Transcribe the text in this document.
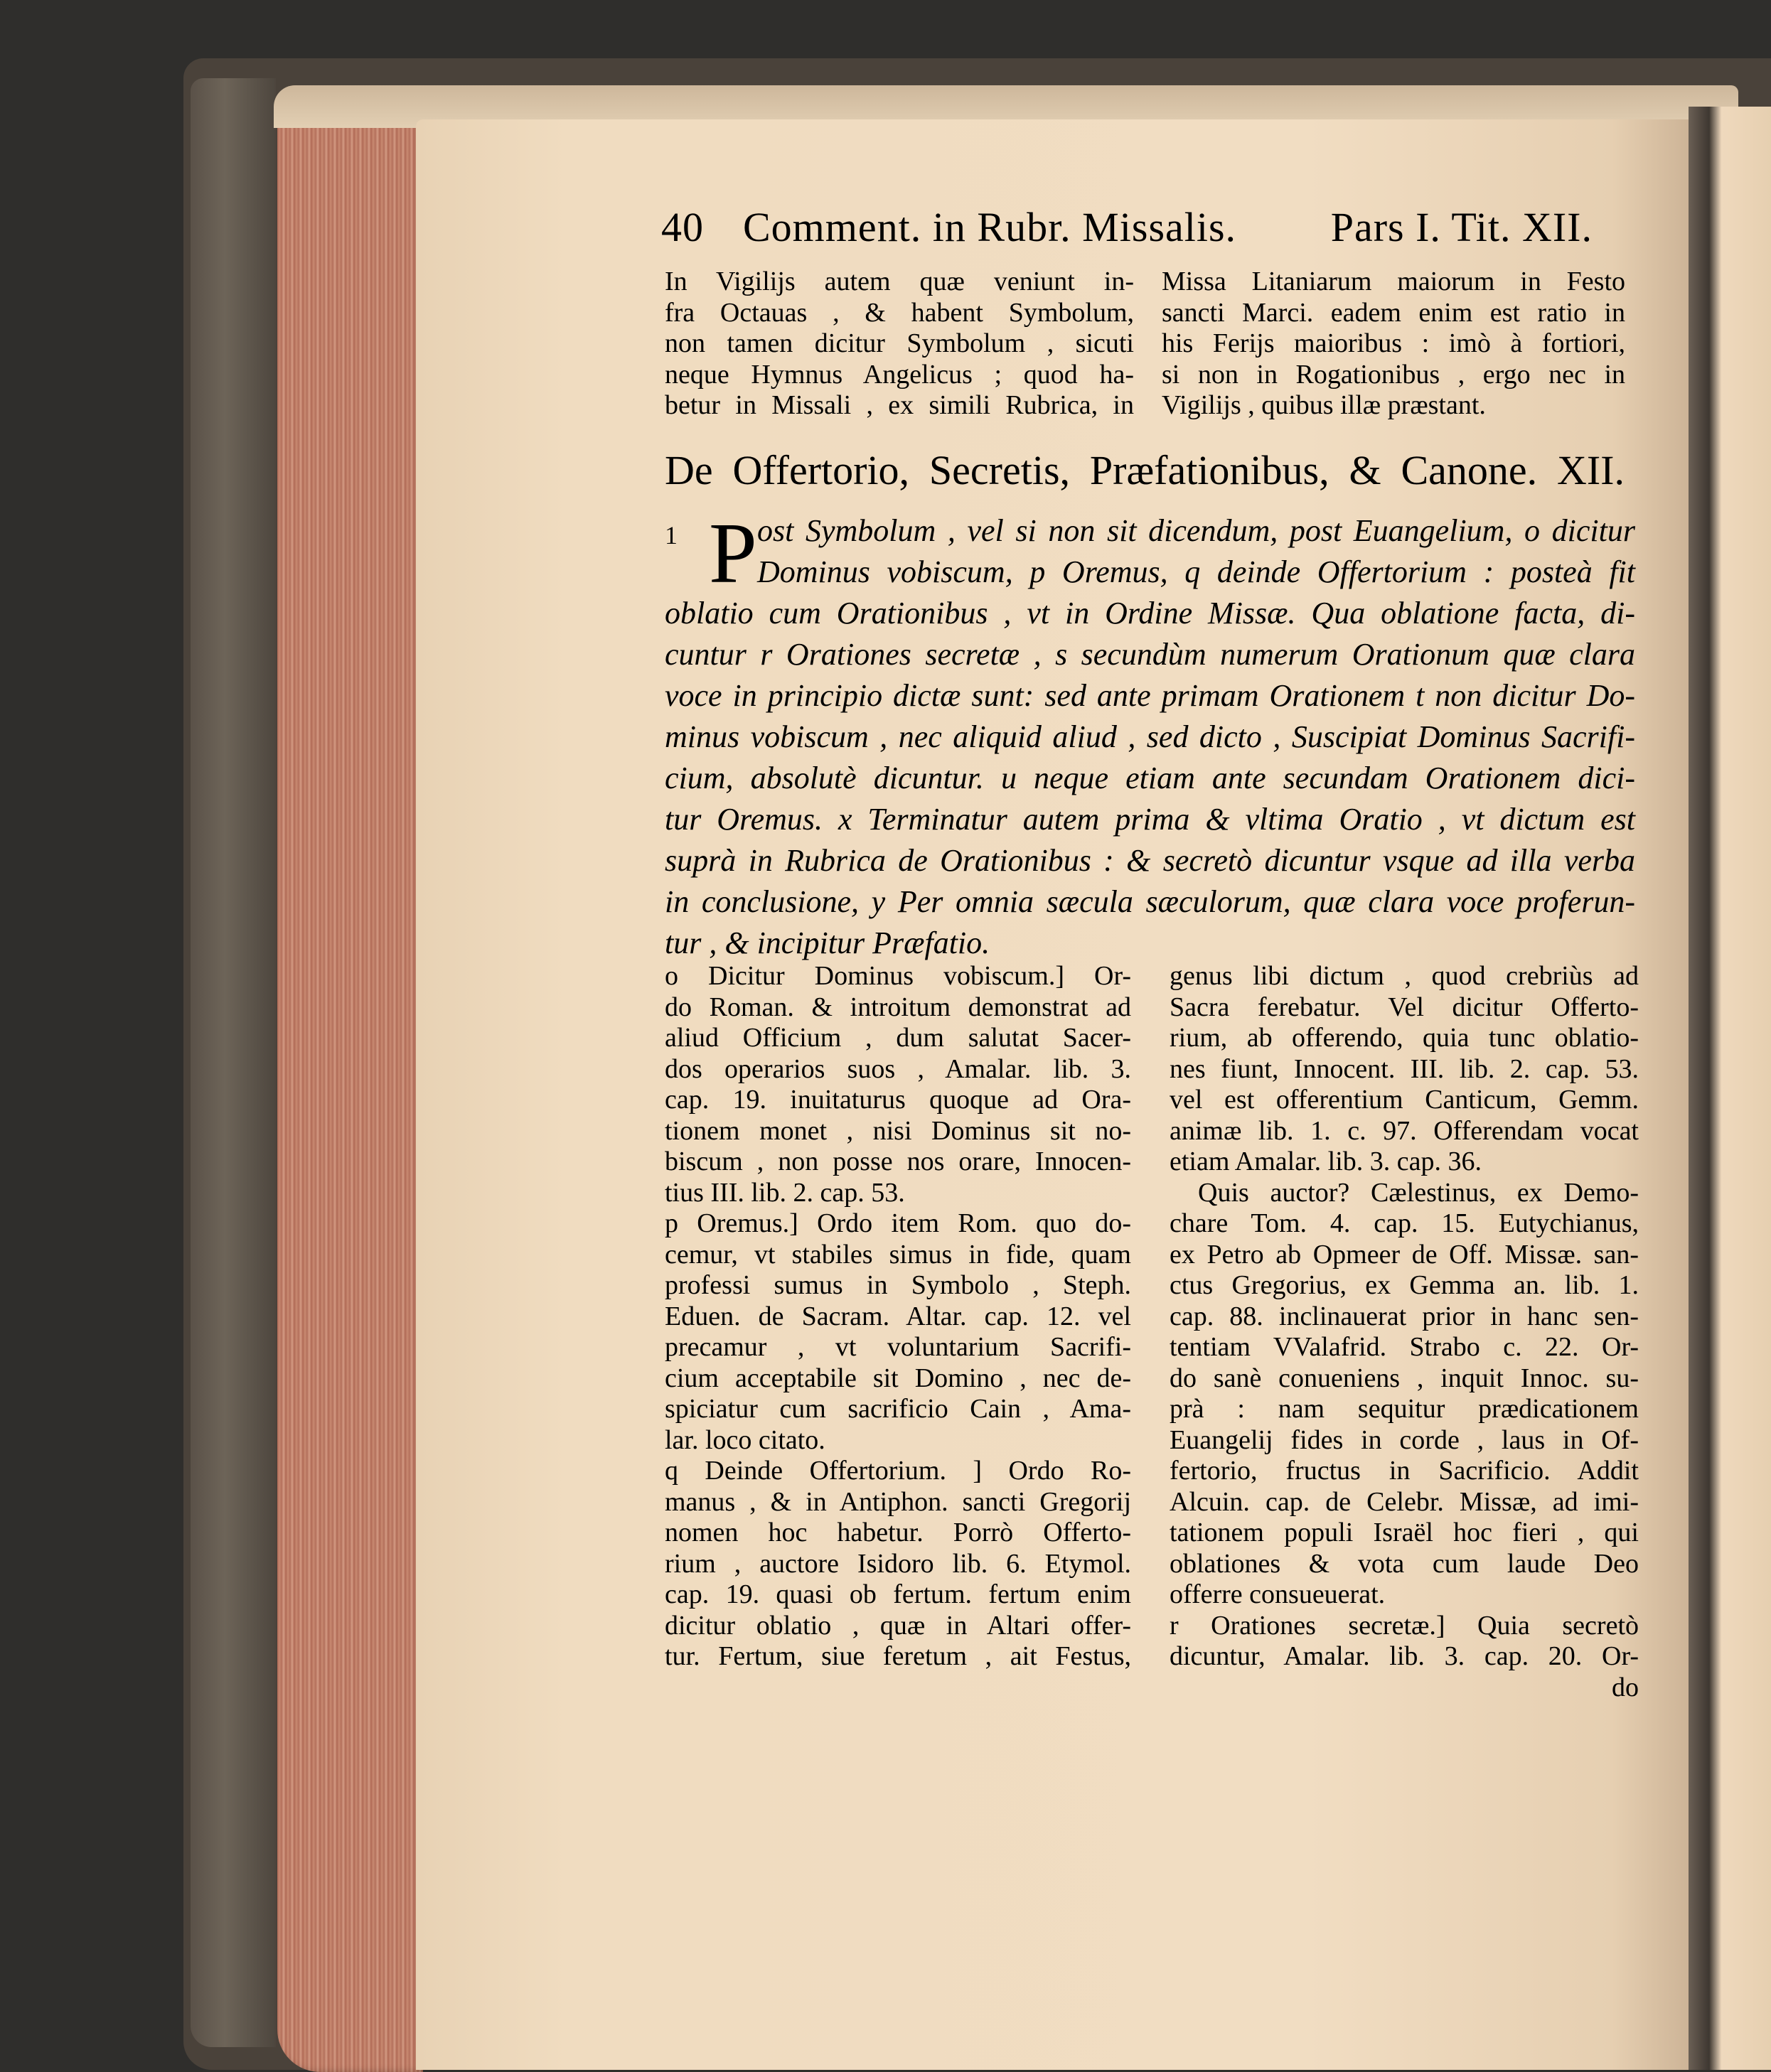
40 Comment. in Rubr. Missalis. Pars I. Tit. XII.
In Vigilijs autem quæ veniunt in-
fra Octauas , & habent Symbolum,
non tamen dicitur Symbolum , sicuti
neque Hymnus Angelicus ; quod ha-
betur in Missali , ex simili Rubrica, in
Missa Litaniarum maiorum in Festo
sancti Marci. eadem enim est ratio in
his Ferijs maioribus : imò à fortiori,
si non in Rogationibus , ergo nec in
Vigilijs , quibus illæ præstant.
De Offertorio, Secretis, Præfationibus, & Canone. XII.
1	ost Symbolum , vel si non sit dicendum, post Euangelium, o dicitur
Dominus vobiscum, p Oremus, q deinde Offertorium : posteà fit
oblatio cum Orationibus , vt in Ordine Missæ. Qua oblatione facta, di-
cuntur r Orationes secretæ , s secundùm numerum Orationum quæ clara
voce in principio dictæ sunt: sed ante primam Orationem t non dicitur Do-
minus vobiscum , nec aliquid aliud , sed dicto , Suscipiat Dominus Sacrifi-
cium, absolutè dicuntur. u neque etiam ante secundam Orationem dici-
tur Oremus. x Terminatur autem prima & vltima Oratio , vt dictum est
suprà in Rubrica de Orationibus : & secretò dicuntur vsque ad illa verba
in conclusione, y Per omnia sæcula sæculorum, quæ clara voce proferun-
tur , & incipitur Præfatio.
P
o Dicitur Dominus vobiscum.] Or-
do Roman. & introitum demonstrat ad
aliud Officium , dum salutat Sacer-
dos operarios suos , Amalar. lib. 3.
cap. 19. inuitaturus quoque ad Ora-
tionem monet , nisi Dominus sit no-
biscum , non posse nos orare, Innocen-
tius III. lib. 2. cap. 53.
p Oremus.] Ordo item Rom. quo do-
cemur, vt stabiles simus in fide, quam
professi sumus in Symbolo , Steph.
Eduen. de Sacram. Altar. cap. 12. vel
precamur , vt voluntarium Sacrifi-
cium acceptabile sit Domino , nec de-
spiciatur cum sacrificio Cain , Ama-
lar. loco citato.
q Deinde Offertorium. ] Ordo Ro-
manus , & in Antiphon. sancti Gregorij
nomen hoc habetur. Porrò Offerto-
rium , auctore Isidoro lib. 6. Etymol.
cap. 19. quasi ob fertum. fertum enim
dicitur oblatio , quæ in Altari offer-
tur. Fertum, siue feretum , ait Festus,
genus libi dictum , quod crebriùs ad
Sacra ferebatur. Vel dicitur Offerto-
rium, ab offerendo, quia tunc oblatio-
nes fiunt, Innocent. III. lib. 2. cap. 53.
vel est offerentium Canticum, Gemm.
animæ lib. 1. c. 97. Offerendam vocat
etiam Amalar. lib. 3. cap. 36.
Quis auctor? Cælestinus, ex Demo-
chare Tom. 4. cap. 15. Eutychianus,
ex Petro ab Opmeer de Off. Missæ. san-
ctus Gregorius, ex Gemma an. lib. 1.
cap. 88. inclinauerat prior in hanc sen-
tentiam VValafrid. Strabo c. 22. Or-
do sanè conueniens , inquit Innoc. su-
prà : nam sequitur prædicationem
Euangelij fides in corde , laus in Of-
fertorio, fructus in Sacrificio. Addit
Alcuin. cap. de Celebr. Missæ, ad imi-
tationem populi Israël hoc fieri , qui
oblationes & vota cum laude Deo
offerre consueuerat.
r Orationes secretæ.] Quia secretò
dicuntur, Amalar. lib. 3. cap. 20. Or-
do
